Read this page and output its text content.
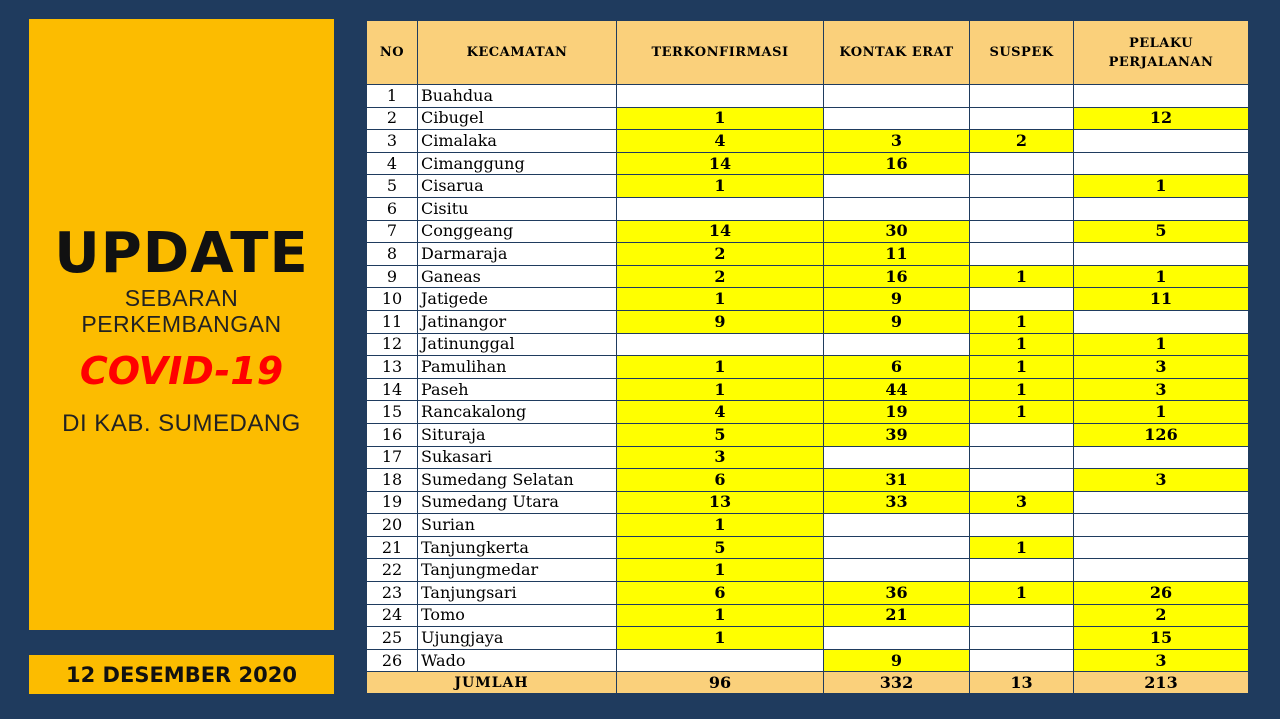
UPDATE
SEBARAN
PERKEMBANGAN
COVID-19
DI KAB. SUMEDANG
12 DESEMBER 2020
NO	KECAMATAN	TERKONFIRMASI	KONTAK ERAT	SUSPEK	PELAKU PERJALANAN
1	Buahdua				
2	Cibugel	1			12
3	Cimalaka	4	3	2	
4	Cimanggung	14	16		
5	Cisarua	1			1
6	Cisitu				
7	Conggeang	14	30		5
8	Darmaraja	2	11		
9	Ganeas	2	16	1	1
10	Jatigede	1	9		11
11	Jatinangor	9	9	1	
12	Jatinunggal			1	1
13	Pamulihan	1	6	1	3
14	Paseh	1	44	1	3
15	Rancakalong	4	19	1	1
16	Situraja	5	39		126
17	Sukasari	3			
18	Sumedang Selatan	6	31		3
19	Sumedang Utara	13	33	3	
20	Surian	1			
21	Tanjungkerta	5		1	
22	Tanjungmedar	1			
23	Tanjungsari	6	36	1	26
24	Tomo	1	21		2
25	Ujungjaya	1			15
26	Wado		9		3
JUMLAH		96	332	13	213
